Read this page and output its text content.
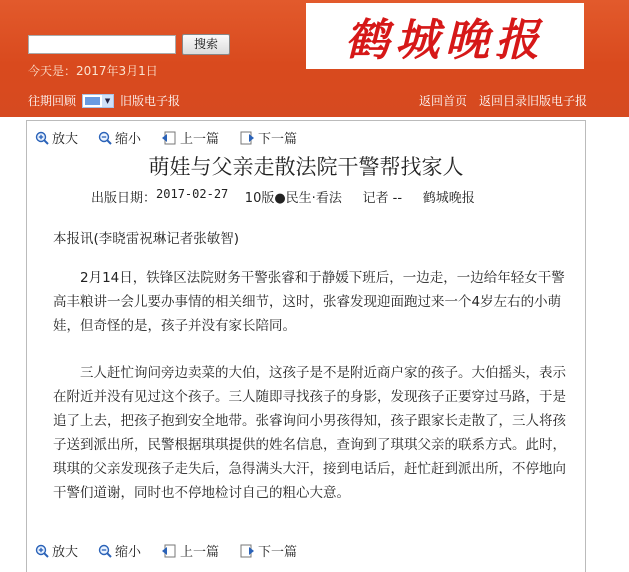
搜索
今天是：2017年3月1日
鹤城晚报
往期回顾	▼ 旧版电子报	返回首页 返回目录 旧版电子报
放大	缩小	上一篇	下一篇
萌娃与父亲走散法院干警帮找家人
出版日期： 2017-02-27
10版●民生·看法
记者 --
鹤城晚报
本报讯(李晓雷祝琳记者张敏智)
2月14日，铁锋区法院财务干警张睿和于静媛下班后，一边走，一边给年轻女干警高丰粮讲一会儿要办事情的相关细节，这时，张睿发现迎面跑过来一个4岁左右的小萌娃，但奇怪的是，孩子并没有家长陪同。
三人赶忙询问旁边卖菜的大伯，这孩子是不是附近商户家的孩子。大伯摇头，表示在附近并没有见过这个孩子。三人随即寻找孩子的身影，发现孩子正要穿过马路，于是追了上去，把孩子抱到安全地带。张睿询问小男孩得知，孩子跟家长走散了，三人将孩子送到派出所，民警根据琪琪提供的姓名信息，查询到了琪琪父亲的联系方式。此时，琪琪的父亲发现孩子走失后，急得满头大汗，接到电话后，赶忙赶到派出所，不停地向干警们道谢，同时也不停地检讨自己的粗心大意。
放大	缩小	上一篇	下一篇
